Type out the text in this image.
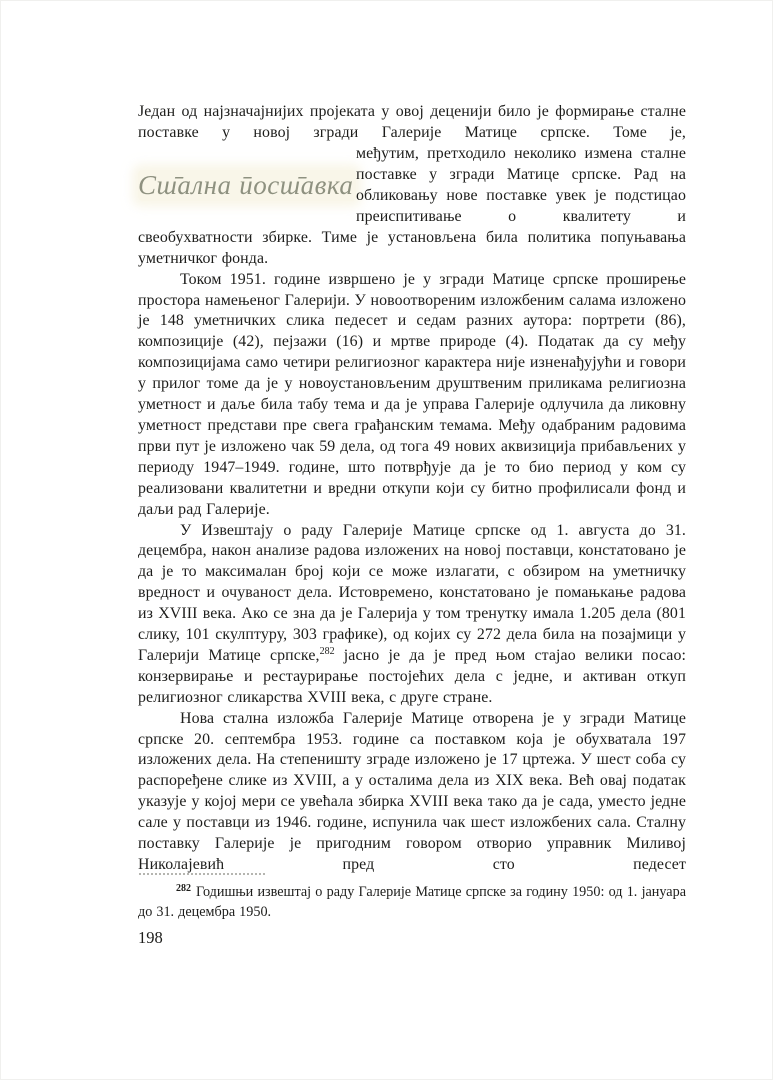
Један од најзначајнијих пројеката у овој деценији било је формирање сталне поставке у новој згради Галерије Матице српске. Томе је,

Сш̄ална ӣосш̄авка

међутим, претходило неколико измена сталне поставке у згради Матице српске. Рад на обликовању нове поставке увек је подстицао преиспитивање о квалитету и

свеобухватности збирке. Тиме је установљена била политика попуњавања уметничког фонда.

Током 1951. године извршено је у згради Матице српске проширење простора намењеног Галерији. У новоотвореним изложбеним салама изложено је 148 уметничких слика педесет и седам разних аутора: портрети (86), композиције (42), пејзажи (16) и мртве природе (4). Податак да су међу композицијама само четири религиозног карактера није изненађујући и говори у прилог томе да је у новоустановљеним друштвеним приликама религиозна уметност и даље била табу тема и да је управа Галерије одлучила да ликовну уметност представи пре свега грађанским темама. Међу одабраним радовима први пут је изложено чак 59 дела, од тога 49 нових аквизиција прибављених у периоду 1947–1949. године, што потврђује да је то био период у ком су реализовани квалитетни и вредни откупи који су битно профилисали фонд и даљи рад Галерије.

У Извештају о раду Галерије Матице српске од 1. августа до 31. децембра, након анализе радова изложених на новој поставци, констатовано је да је то максималан број који се може излагати, с обзиром на уметничку вредност и очуваност дела. Истовремено, констатовано је помањкање радова из XVIII века. Ако се зна да је Галерија у том тренутку имала 1.205 дела (801 слику, 101 скулптуру, 303 графике), од којих су 272 дела била на позајмици у Галерији Матице српске,$^{282}$ јасно је да је пред њом стајао велики посао: конзервирање и рестаурирање постојећих дела с једне, и активан откуп религиозног сликарства XVIII века, с друге стране.

Нова стална изложба Галерије Матице отворена је у згради Матице српске 20. септембра 1953. године са поставком која је обухватала 197 изложених дела. На степеништу зграде изложено је 17 цртежа. У шест соба су распоређене слике из XVIII, а у осталима дела из XIX века. Већ овај податак указује у којој мери се увећала збирка XVIII века тако да је сада, уместо једне сале у поставци из 1946. године, испунила чак шест изложбених сала. Сталну поставку Галерије је пригодним говором отворио управник Миливој Николајевић пред сто педесет

$^{282}$ Годишњи извештај о раду Галерије Матице српске за годину 1950: од 1. јануара до 31. децембра 1950.

198
